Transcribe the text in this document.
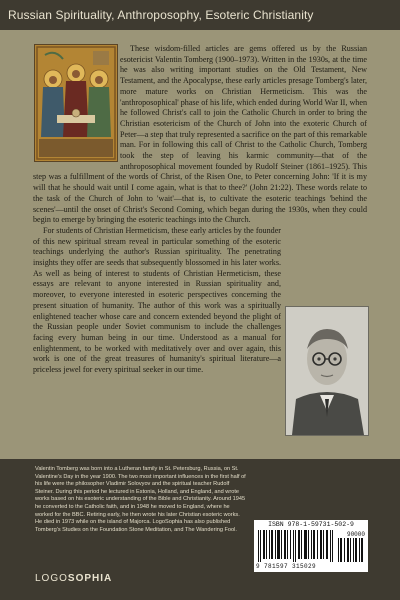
Russian Spirituality, Anthroposophy, Esoteric Christianity

These wisdom-filled articles are gems offered us by the Russian esotericist Valentin Tomberg (1900–1973). Written in the 1930s, at the time he was also writing important studies on the Old Testament, New Testament, and the Apocalypse, these early articles presage Tomberg's later, more mature works on Christian Hermeticism. This was the 'anthroposophical' phase of his life, which ended during World War II, when he followed Christ's call to join the Catholic Church in order to bring the Christian esotericism of the Church of John into the exoteric Church of Peter—a step that truly represented a sacrifice on the part of this remarkable man. For in following this call of Christ to the Catholic Church, Tomberg took the step of leaving his karmic community—that of the anthroposophical movement founded by Rudolf Steiner (1861–1925). This step was a fulfillment of the words of Christ, of the Risen One, to Peter concerning John: 'If it is my will that he should wait until I come again, what is that to thee?' (John 21:22). These words relate to the task of the Church of John to 'wait'—that is, to cultivate the esoteric teachings 'behind the scenes'—until the onset of Christ's Second Coming, which began during the 1930s, when they could begin to emerge by bringing the esoteric teachings into the Church.

For students of Christian Hermeticism, these early articles by the founder of this new spiritual stream reveal in particular something of the esoteric teachings underlying the author's Russian spirituality. The penetrating insights they offer are seeds that subsequently blossomed in his later works. As well as being of interest to students of Christian Hermeticism, these essays are relevant to anyone interested in Russian spirituality and, moreover, to everyone interested in esoteric perspectives concerning the present situation of humanity. The author of this work was a spiritually enlightened teacher whose care and concern extended beyond the plight of the Russian people under Soviet communism to include the challenges facing every human being in our time. Understood as a manual for enlightenment, to be worked with meditatively over and over again, this work is one of the great treasures of humanity's spiritual literature—a priceless jewel for every spiritual seeker in our time.

Valentin Tomberg was born into a Lutheran family in St. Petersburg, Russia, on St. Valentine's Day in the year 1900. The two most important influences in the first half of his life were the philosopher Vladimir Solovyov and the spiritual teacher Rudolf Steiner. During this period he lectured in Estonia, Holland, and England, and wrote works based on his esoteric understanding of the Bible and Christianity. Around 1945 he converted to the Catholic faith, and in 1948 he moved to England, where he worked for the BBC. Retiring early, he then wrote his later Christian esoteric works. He died in 1973 while on the island of Majorca. LogoSophia has also published Tomberg's Studies on the Foundation Stone Meditation, and The Wandering Fool.
ISBN 978-1-59731-502-9
90000
9 781597 315029
LOGOSOPHIA
